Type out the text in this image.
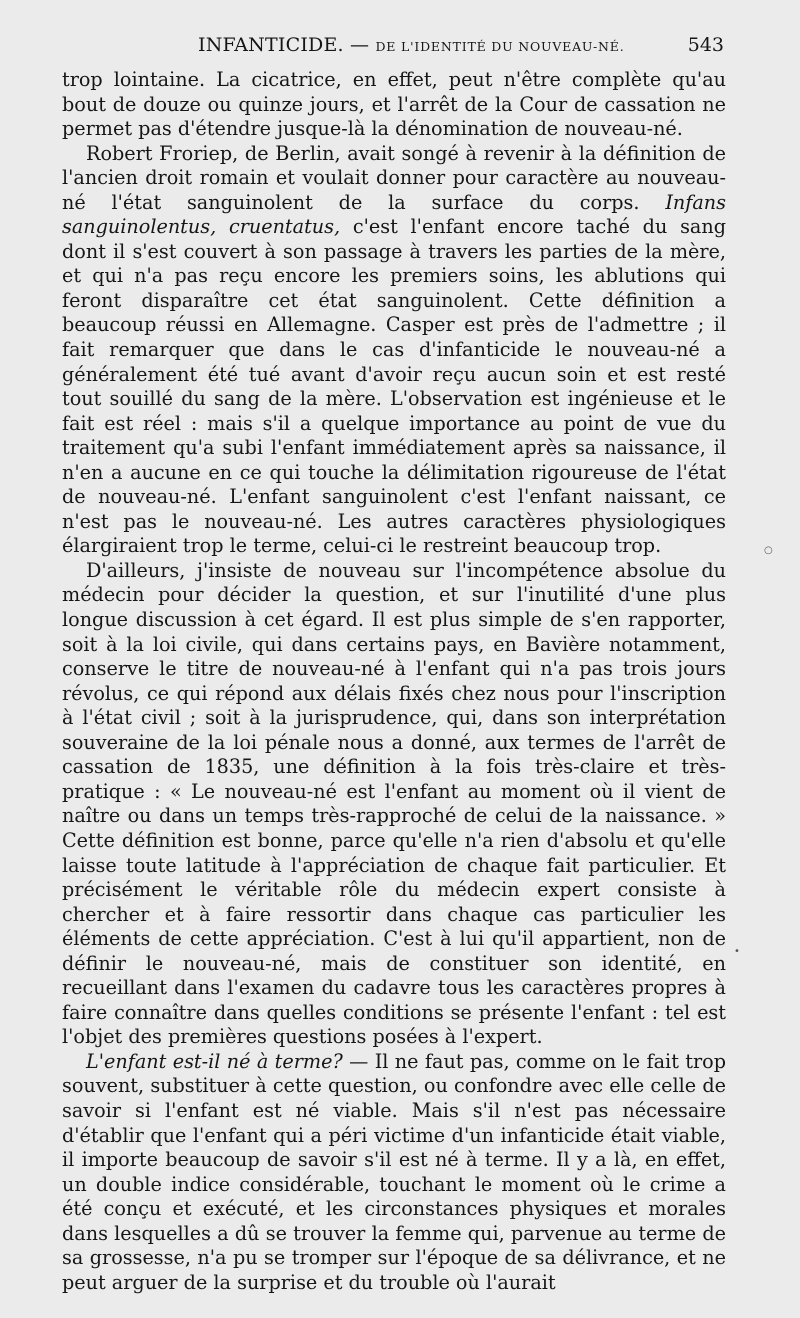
INFANTICIDE. — DE L'IDENTITÉ DU NOUVEAU-NÉ.	543

trop lointaine. La cicatrice, en effet, peut n'être complète qu'au bout de douze ou quinze jours, et l'arrêt de la Cour de cassation ne permet pas d'étendre jusque-là la dénomination de nouveau-né.

Robert Froriep, de Berlin, avait songé à revenir à la définition de l'ancien droit romain et voulait donner pour caractère au nouveau-né l'état sanguinolent de la surface du corps. Infans sanguinolentus, cruentatus, c'est l'enfant encore taché du sang dont il s'est couvert à son passage à travers les parties de la mère, et qui n'a pas reçu encore les premiers soins, les ablutions qui feront disparaître cet état sanguinolent. Cette définition a beaucoup réussi en Allemagne. Casper est près de l'admettre ; il fait remarquer que dans le cas d'infanticide le nouveau-né a généralement été tué avant d'avoir reçu aucun soin et est resté tout souillé du sang de la mère. L'observation est ingénieuse et le fait est réel : mais s'il a quelque importance au point de vue du traitement qu'a subi l'enfant immédiatement après sa naissance, il n'en a aucune en ce qui touche la délimitation rigoureuse de l'état de nouveau-né. L'enfant sanguinolent c'est l'enfant naissant, ce n'est pas le nouveau-né. Les autres caractères physiologiques élargiraient trop le terme, celui-ci le restreint beaucoup trop.

D'ailleurs, j'insiste de nouveau sur l'incompétence absolue du médecin pour décider la question, et sur l'inutilité d'une plus longue discussion à cet égard. Il est plus simple de s'en rapporter, soit à la loi civile, qui dans certains pays, en Bavière notamment, conserve le titre de nouveau-né à l'enfant qui n'a pas trois jours révolus, ce qui répond aux délais fixés chez nous pour l'inscription à l'état civil ; soit à la jurisprudence, qui, dans son interprétation souveraine de la loi pénale nous a donné, aux termes de l'arrêt de cassation de 1835, une définition à la fois très-claire et très-pratique : « Le nouveau-né est l'enfant au moment où il vient de naître ou dans un temps très-rapproché de celui de la naissance. » Cette définition est bonne, parce qu'elle n'a rien d'absolu et qu'elle laisse toute latitude à l'appréciation de chaque fait particulier. Et précisément le véritable rôle du médecin expert consiste à chercher et à faire ressortir dans chaque cas particulier les éléments de cette appréciation. C'est à lui qu'il appartient, non de définir le nouveau-né, mais de constituer son identité, en recueillant dans l'examen du cadavre tous les caractères propres à faire connaître dans quelles conditions se présente l'enfant : tel est l'objet des premières questions posées à l'expert.

L'enfant est-il né à terme? — Il ne faut pas, comme on le fait trop souvent, substituer à cette question, ou confondre avec elle celle de savoir si l'enfant est né viable. Mais s'il n'est pas nécessaire d'établir que l'enfant qui a péri victime d'un infanticide était viable, il importe beaucoup de savoir s'il est né à terme. Il y a là, en effet, un double indice considérable, touchant le moment où le crime a été conçu et exécuté, et les circonstances physiques et morales dans lesquelles a dû se trouver la femme qui, parvenue au terme de sa grossesse, n'a pu se tromper sur l'époque de sa délivrance, et ne peut arguer de la surprise et du trouble où l'aurait

○
•
